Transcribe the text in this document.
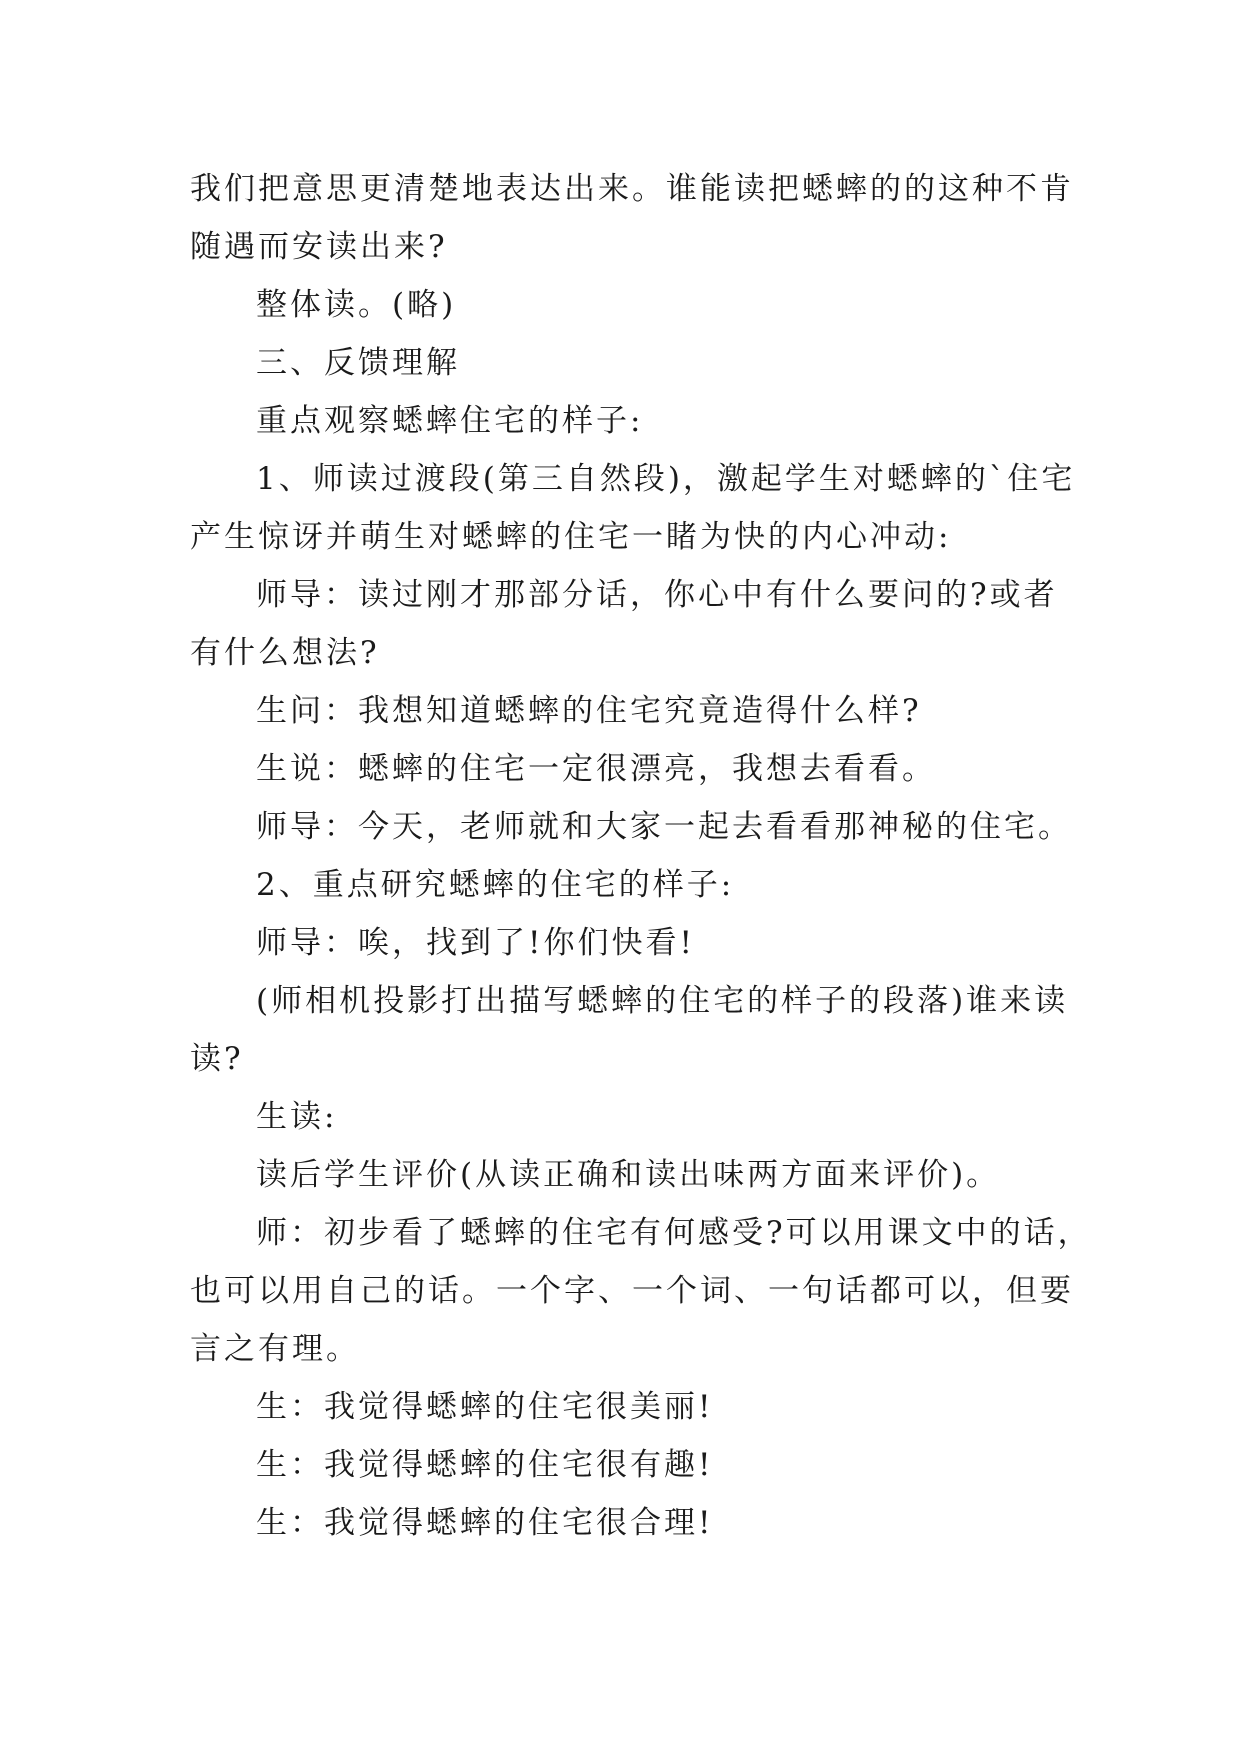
我们把意思更清楚地表达出来。谁能读把蟋蟀的的这种不肯

随遇而安读出来?

整体读。(略)

三、反馈理解

重点观察蟋蟀住宅的样子:

1、师读过渡段(第三自然段)，激起学生对蟋蟀的`住宅

产生惊讶并萌生对蟋蟀的住宅一睹为快的内心冲动:

师导：读过刚才那部分话，你心中有什么要问的?或者

有什么想法?

生问：我想知道蟋蟀的住宅究竟造得什么样?

生说：蟋蟀的住宅一定很漂亮，我想去看看。

师导：今天，老师就和大家一起去看看那神秘的住宅。

2、重点研究蟋蟀的住宅的样子:

师导：唉，找到了!你们快看!

(师相机投影打出描写蟋蟀的住宅的样子的段落)谁来读

读?

生读:

读后学生评价(从读正确和读出味两方面来评价)。

师：初步看了蟋蟀的住宅有何感受?可以用课文中的话，

也可以用自己的话。一个字、一个词、一句话都可以，但要

言之有理。

生：我觉得蟋蟀的住宅很美丽!

生：我觉得蟋蟀的住宅很有趣!

生：我觉得蟋蟀的住宅很合理!
